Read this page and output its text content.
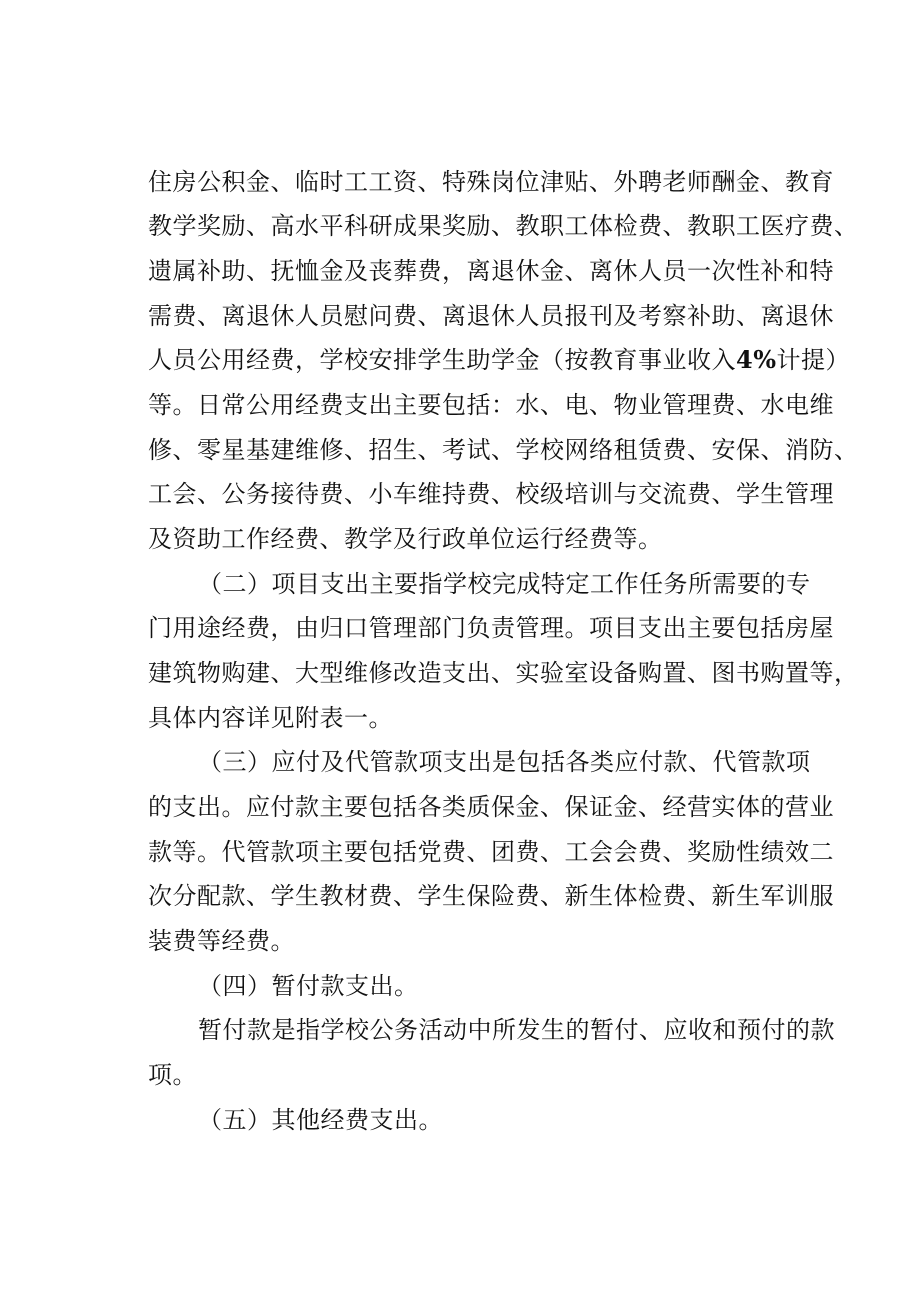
住房公积金、临时工工资、特殊岗位津贴、外聘老师酬金、教育
教学奖励、高水平科研成果奖励、教职工体检费、教职工医疗费、
遗属补助、抚恤金及丧葬费，离退休金、离休人员一次性补和特
需费、离退休人员慰问费、离退休人员报刊及考察补助、离退休
人员公用经费，学校安排学生助学金（按教育事业收入4%计提）
等。日常公用经费支出主要包括：水、电、物业管理费、水电维
修、零星基建维修、招生、考试、学校网络租赁费、安保、消防、
工会、公务接待费、小车维持费、校级培训与交流费、学生管理
及资助工作经费、教学及行政单位运行经费等。
（二）项目支出主要指学校完成特定工作任务所需要的专
门用途经费，由归口管理部门负责管理。项目支出主要包括房屋
建筑物购建、大型维修改造支出、实验室设备购置、图书购置等，
具体内容详见附表一。
（三）应付及代管款项支出是包括各类应付款、代管款项
的支出。应付款主要包括各类质保金、保证金、经营实体的营业
款等。代管款项主要包括党费、团费、工会会费、奖励性绩效二
次分配款、学生教材费、学生保险费、新生体检费、新生军训服
装费等经费。
（四）暂付款支出。
暂付款是指学校公务活动中所发生的暂付、应收和预付的款
项。
（五）其他经费支出。
